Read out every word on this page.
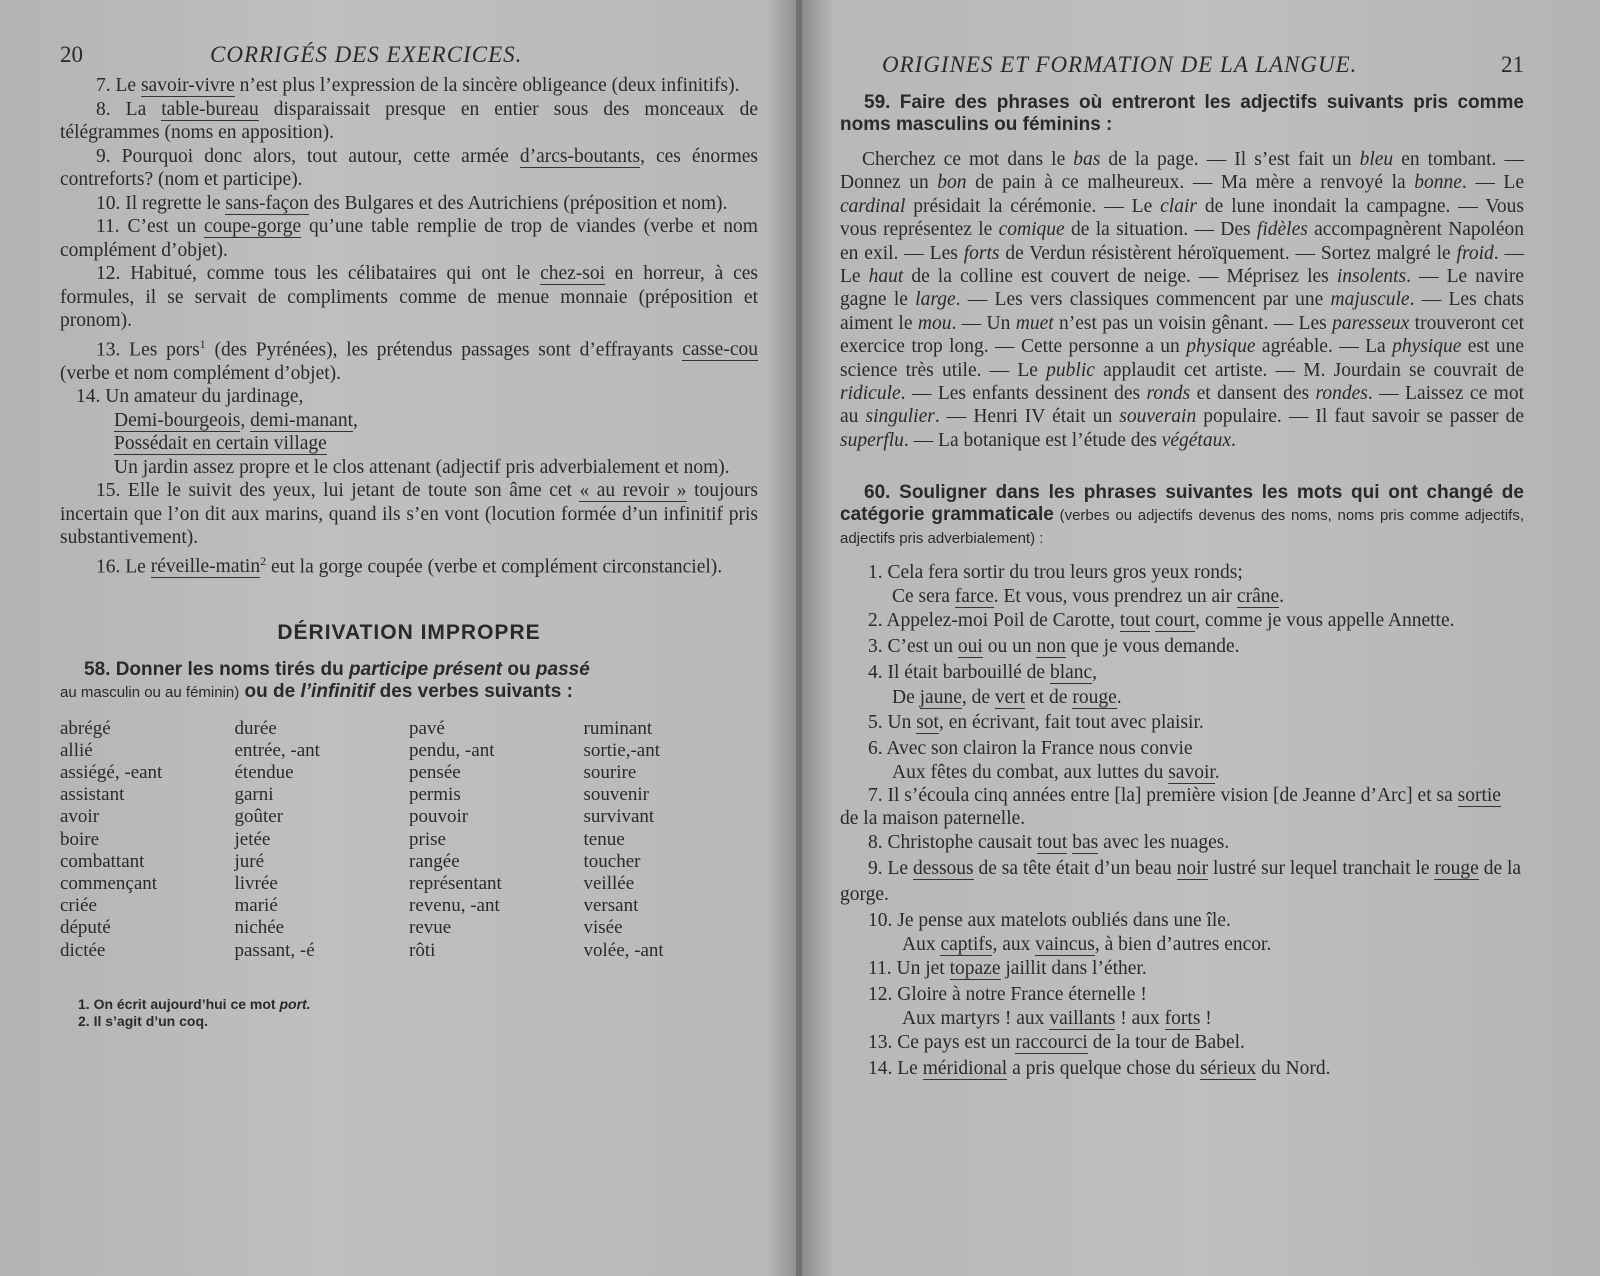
20	CORRIGÉS DES EXERCICES.

7. Le savoir-vivre n’est plus l’expression de la sincère obligeance (deux infinitifs).

8. La table-bureau disparaissait presque en entier sous des monceaux de télégrammes (noms en apposition).

9. Pourquoi donc alors, tout autour, cette armée d’arcs-boutants, ces énormes contreforts? (nom et participe).

10. Il regrette le sans-façon des Bulgares et des Autrichiens (préposition et nom).

11. C’est un coupe-gorge qu’une table remplie de trop de viandes (verbe et nom complément d’objet).

12. Habitué, comme tous les célibataires qui ont le chez-soi en horreur, à ces formules, il se servait de compliments comme de menue monnaie (préposition et pronom).

13. Les pors$^1$ (des Pyrénées), les prétendus passages sont d’effrayants casse-cou (verbe et nom complément d’objet).

14. Un amateur du jardinage,

Demi-bourgeois, demi-manant,

Possédait en certain village

Un jardin assez propre et le clos attenant (adjectif pris adverbialement et nom).

15. Elle le suivit des yeux, lui jetant de toute son âme cet « au revoir » toujours incertain que l’on dit aux marins, quand ils s’en vont (locution formée d’un infinitif pris substantivement).

16. Le réveille-matin$^2$ eut la gorge coupée (verbe et complément circonstanciel).

DÉRIVATION IMPROPRE
58. Donner les noms tirés du participe présent ou passé
au masculin ou au féminin) ou de l’infinitif des verbes suivants :
abrégé
allié
assiégé, -eant
assistant
avoir
boire
combattant
commençant
criée
député
dictée
durée
entrée, -ant
étendue
garni
goûter
jetée
juré
livrée
marié
nichée
passant, -é
pavé
pendu, -ant
pensée
permis
pouvoir
prise
rangée
représentant
revenu, -ant
revue
rôti
ruminant
sortie,-ant
sourire
souvenir
survivant
tenue
toucher
veillée
versant
visée
volée, -ant
1. On écrit aujourd’hui ce mot port.
2. Il s’agit d’un coq.
ORIGINES ET FORMATION DE LA LANGUE.	21
59. Faire des phrases où entreront les adjectifs suivants pris comme noms masculins ou féminins :

Cherchez ce mot dans le bas de la page. — Il s’est fait un bleu en tombant. — Donnez un bon de pain à ce malheureux. — Ma mère a renvoyé la bonne. — Le cardinal présidait la cérémonie. — Le clair de lune inondait la campagne. — Vous vous représentez le comique de la situation. — Des fidèles accompagnèrent Napoléon en exil. — Les forts de Verdun résistèrent héroïquement. — Sortez malgré le froid. — Le haut de la colline est couvert de neige. — Méprisez les insolents. — Le navire gagne le large. — Les vers classiques commencent par une majuscule. — Les chats aiment le mou. — Un muet n’est pas un voisin gênant. — Les paresseux trouveront cet exercice trop long. — Cette personne a un physique agréable. — La physique est une science très utile. — Le public applaudit cet artiste. — M. Jourdain se couvrait de ridicule. — Les enfants dessinent des ronds et dansent des rondes. — Laissez ce mot au singulier. — Henri IV était un souverain populaire. — Il faut savoir se passer de superflu. — La botanique est l’étude des végétaux.

60. Souligner dans les phrases suivantes les mots qui ont changé de catégorie grammaticale (verbes ou adjectifs devenus des noms, noms pris comme adjectifs, adjectifs pris adverbialement) :

1. Cela fera sortir du trou leurs gros yeux ronds;

Ce sera farce. Et vous, vous prendrez un air crâne.

2. Appelez-moi Poil de Carotte, tout court, comme je vous appelle Annette.

3. C’est un oui ou un non que je vous demande.

4. Il était barbouillé de blanc,

De jaune, de vert et de rouge.

5. Un sot, en écrivant, fait tout avec plaisir.

6. Avec son clairon la France nous convie

Aux fêtes du combat, aux luttes du savoir.

7. Il s’écoula cinq années entre [la] première vision [de Jeanne d’Arc] et sa sortie de la maison paternelle.

8. Christophe causait tout bas avec les nuages.

9. Le dessous de sa tête était d’un beau noir lustré sur lequel tranchait le rouge de la gorge.

10. Je pense aux matelots oubliés dans une île.

Aux captifs, aux vaincus, à bien d’autres encor.

11. Un jet topaze jaillit dans l’éther.

12. Gloire à notre France éternelle !

Aux martyrs ! aux vaillants ! aux forts !

13. Ce pays est un raccourci de la tour de Babel.

14. Le méridional a pris quelque chose du sérieux du Nord.
